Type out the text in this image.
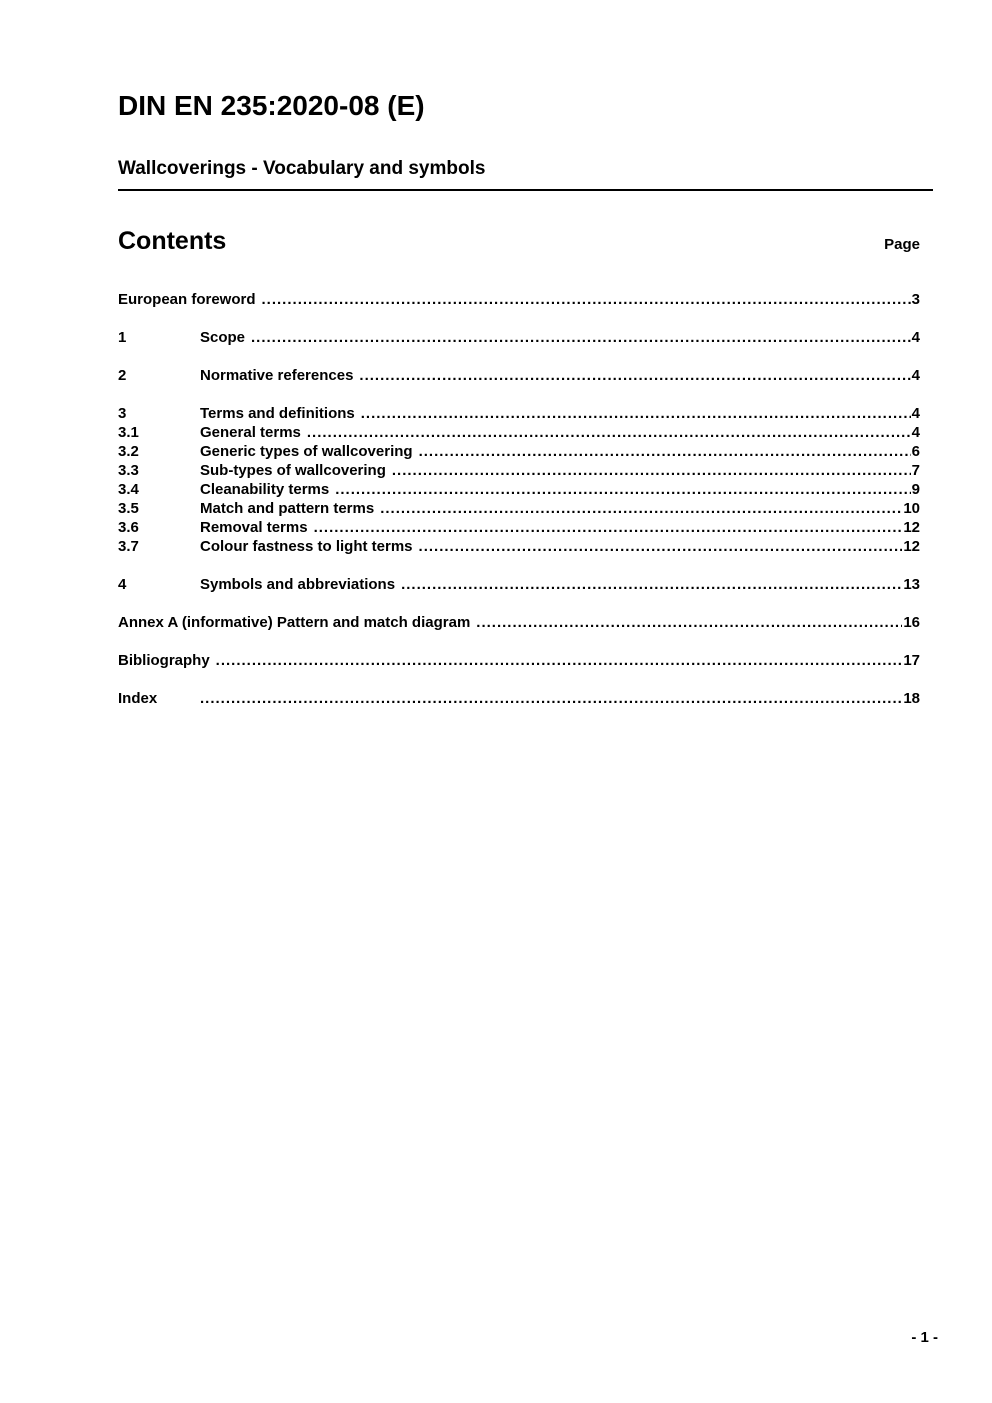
DIN EN 235:2020-08 (E)
Wallcoverings - Vocabulary and symbols
Contents	Page
European foreword .....	3
1	Scope .....	4
2	Normative references .....	4
3	Terms and definitions .....	4
3.1	General terms .....	4
3.2	Generic types of wallcovering .....	6
3.3	Sub-types of wallcovering .....	7
3.4	Cleanability terms .....	9
3.5	Match and pattern terms .....	10
3.6	Removal terms .....	12
3.7	Colour fastness to light terms .....	12
4	Symbols and abbreviations .....	13
Annex A (informative) Pattern and match diagram .....	16
Bibliography .....	17
Index .....	18
- 1 -
